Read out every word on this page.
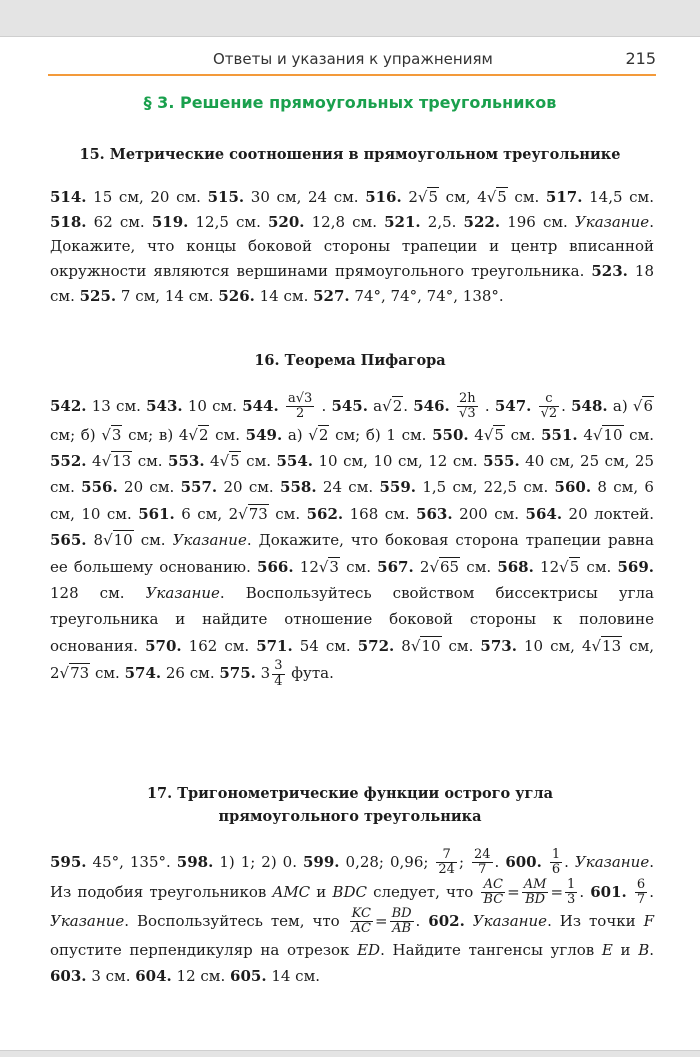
Ответы и указания к упражнениям	215
§ 3. Решение прямоугольных треугольников
15. Метрические соотношения в прямоугольном треугольнике
514. 15 см, 20 см. 515. 30 см, 24 см. 516. 2√5 см, 4√5 см. 517. 14,5 см. 518. 62 см. 519. 12,5 см. 520. 12,8 см. 521. 2,5. 522. 196 см. Указание. Докажите, что концы боковой стороны трапеции и центр вписанной окружности являются вершинами прямоугольного треугольника. 523. 18 см. 525. 7 см, 14 см. 526. 14 см. 527. 74°, 74°, 74°, 138°.
16. Теорема Пифагора
542. 13 см. 543. 10 см. 544. $\frac{a√3}{2}$ . 545. a√2. 546. $\frac{2h}{√3}$ . 547. $\frac{c}{√2}$ . 548. а) √6 см; б) √3 см; в) 4√2 см. 549. а) √2 см; б) 1 см. 550. 4√5 см. 551. 4√10 см. 552. 4√13 см. 553. 4√5 см. 554. 10 см, 10 см, 12 см. 555. 40 см, 25 см, 25 см. 556. 20 см. 557. 20 см. 558. 24 см. 559. 1,5 см, 22,5 см. 560. 8 см, 6 см, 10 см. 561. 6 см, 2√73 см. 562. 168 см. 563. 200 см. 564. 20 локтей. 565. 8√10 см. Указание. Докажите, что боковая сторона трапеции равна ее большему основанию. 566. 12√3 см. 567. 2√65 см. 568. 12√5 см. 569. 128 см. Указание. Воспользуйтесь свойством биссектрисы угла треугольника и найдите отношение боковой стороны к половине основания. 570. 162 см. 571. 54 см. 572. 8√10 см. 573. 10 см, 4√13 см, 2√73 см. 574. 26 см. 575. $3 \frac{3}{4}$ фута.
17. Тригонометрические функции острого угла
прямоугольного треугольника
595. 45°, 135°. 598. 1) 1; 2) 0. 599. 0,28; 0,96; $\frac{7}{24}$ ; $\frac{24}{7}$ . 600. $\frac{1}{6}$ . Указание. Из подобия треугольников AMC и BDC следует, что $\frac{AC}{BC} = \frac{AM}{BD} = \frac{1}{3}$ . 601. $\frac{6}{7}$ . Указание. Воспользуйтесь тем, что $\frac{KC}{AC} = \frac{BD}{AB}$ . 602. Указание. Из точки F опустите перпендикуляр на отрезок ED. Найдите тангенсы углов E и B. 603. 3 см. 604. 12 см. 605. 14 см.
